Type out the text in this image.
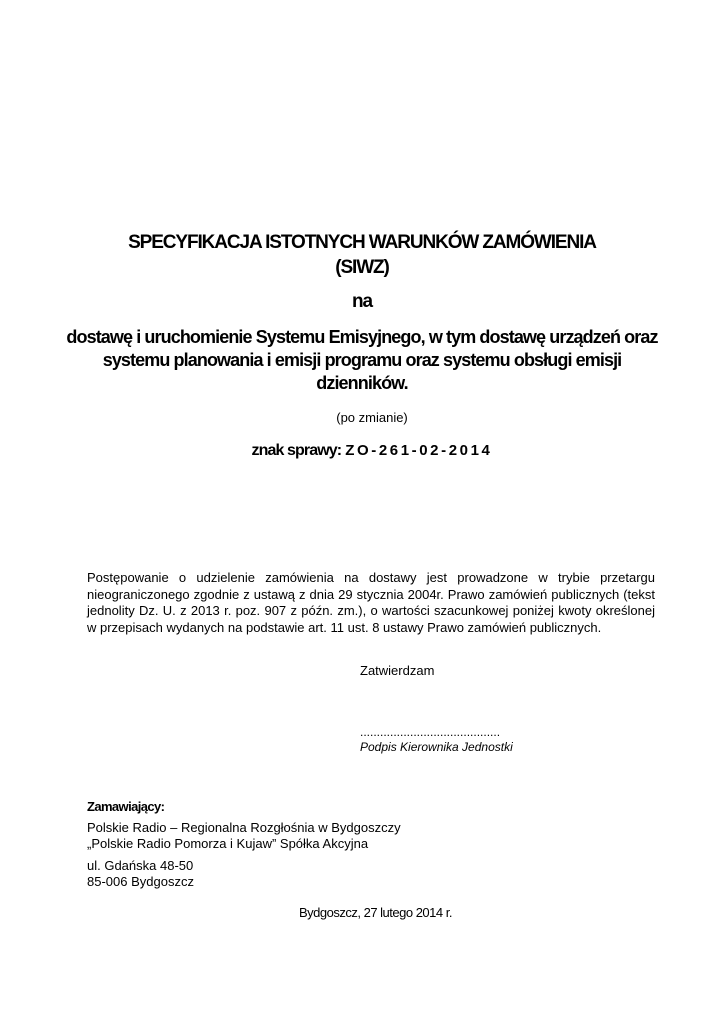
SPECYFIKACJA ISTOTNYCH WARUNKÓW ZAMÓWIENIA
(SIWZ)
na
dostawę i uruchomienie Systemu Emisyjnego, w tym dostawę urządzeń oraz
systemu planowania i emisji programu oraz systemu obsługi emisji
dzienników.
(po zmianie)
znak sprawy: ZO-261-02-2014
Postępowanie o udzielenie zamówienia na dostawy jest prowadzone w trybie przetargu nieograniczonego zgodnie z ustawą z dnia 29 stycznia 2004r. Prawo zamówień publicznych (tekst jednolity Dz. U. z 2013 r. poz. 907 z późn. zm.), o wartości szacunkowej poniżej kwoty określonej w przepisach wydanych na podstawie art. 11 ust. 8 ustawy Prawo zamówień publicznych.
Zatwierdzam
..........................................
Podpis Kierownika Jednostki
Zamawiający:
Polskie Radio – Regionalna Rozgłośnia w Bydgoszczy
„Polskie Radio Pomorza i Kujaw” Spółka Akcyjna
ul. Gdańska 48-50
85-006 Bydgoszcz
Bydgoszcz, 27 lutego 2014 r.
